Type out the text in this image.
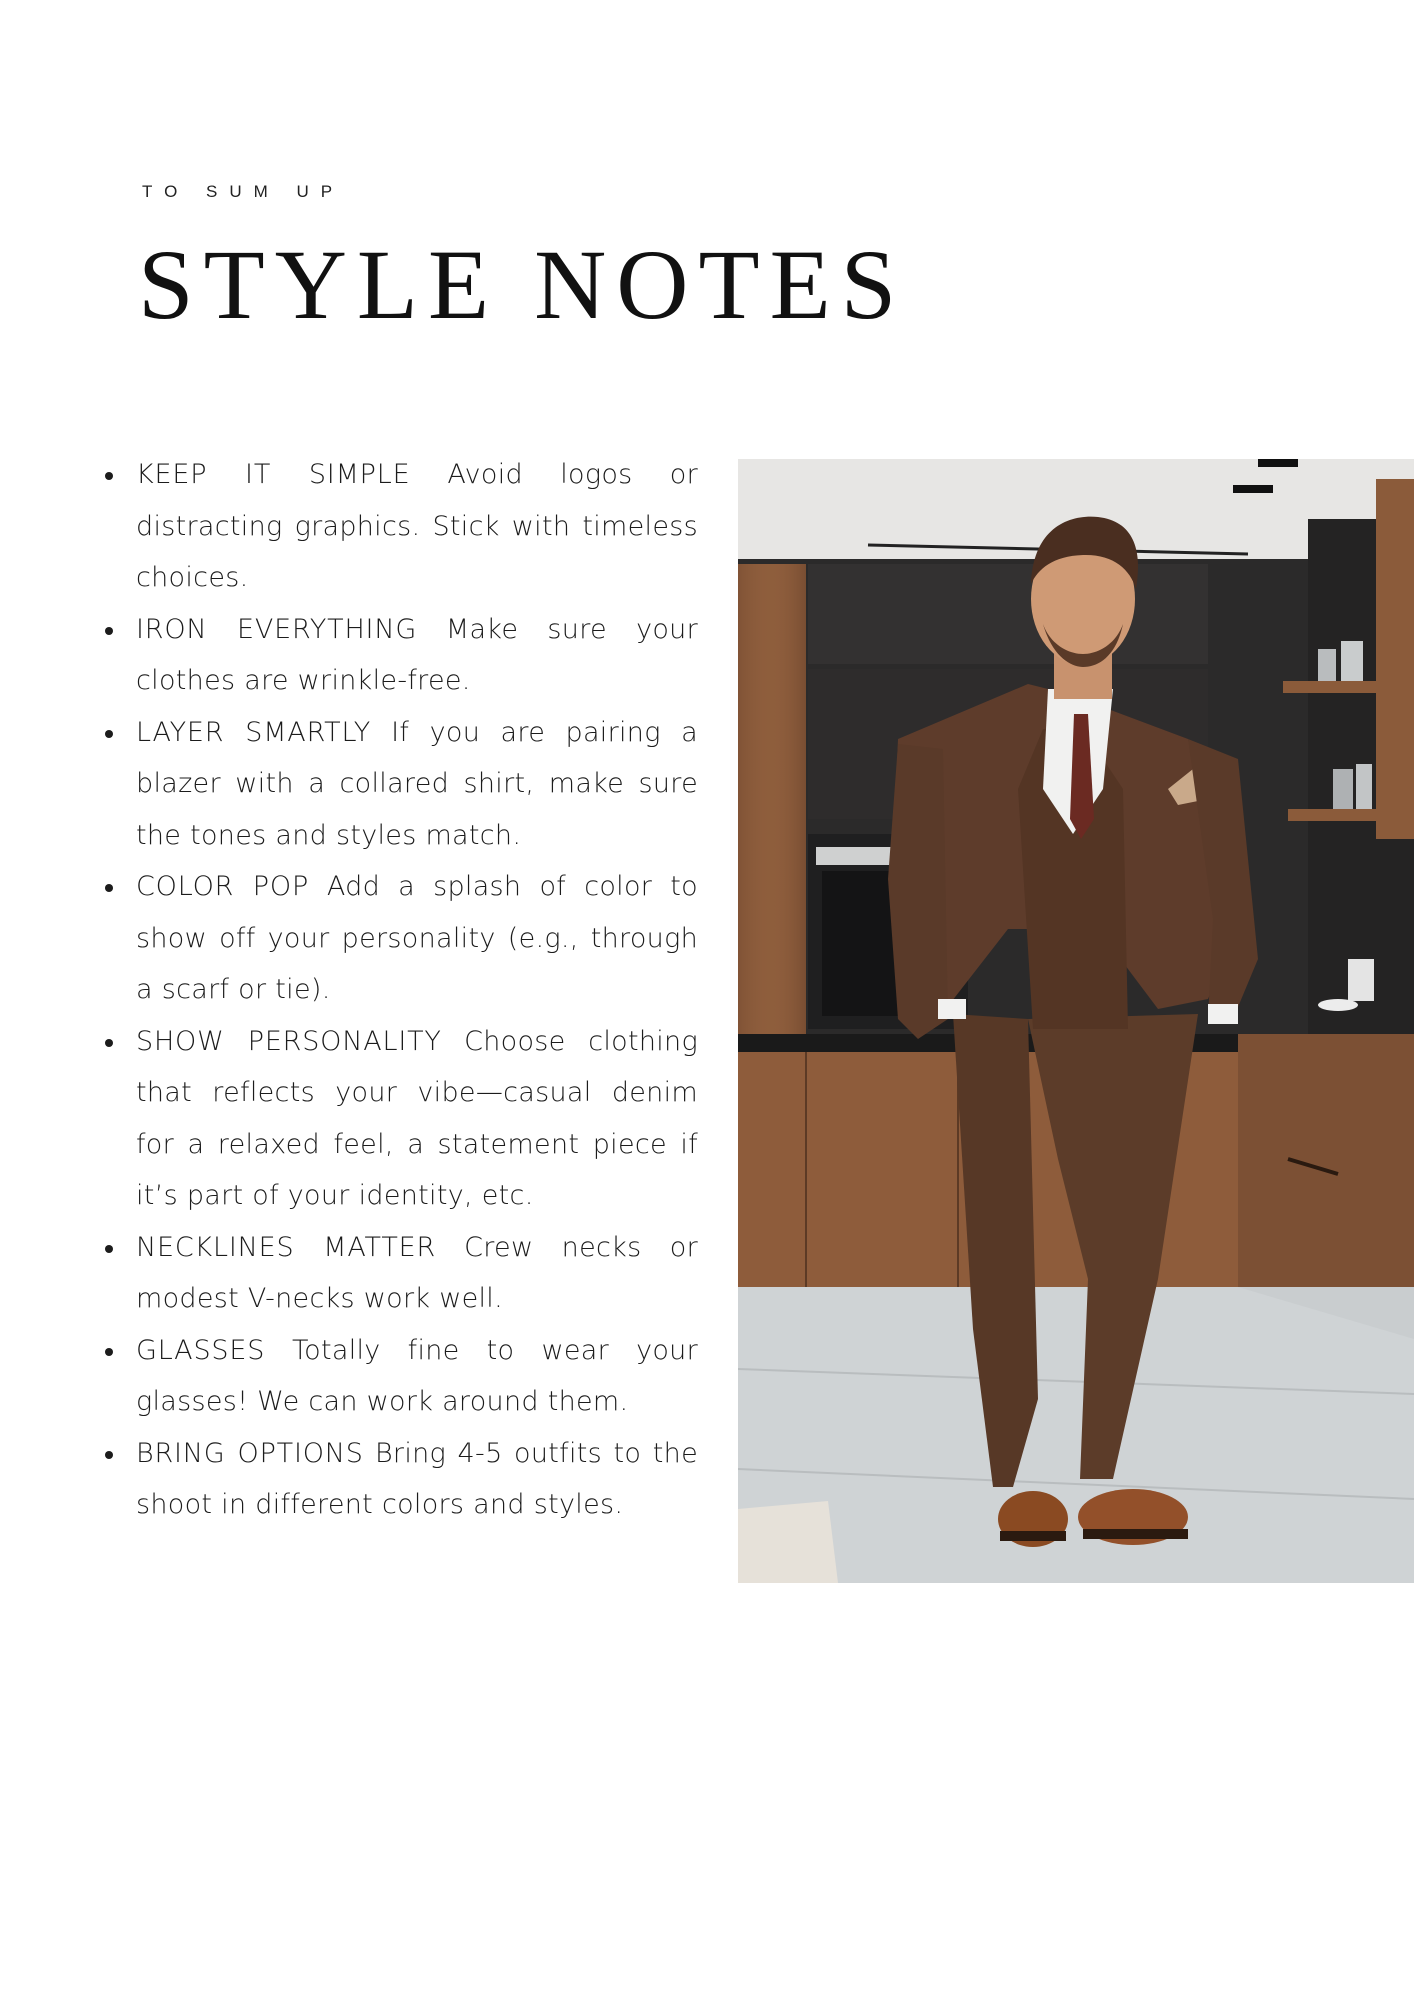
TO SUM UP
STYLE NOTES
KEEP IT SIMPLE Avoid logos or distracting graphics. Stick with timeless choices.
IRON EVERYTHING Make sure your clothes are wrinkle-free.
LAYER SMARTLY If you are pairing a blazer with a collared shirt, make sure the tones and styles match.
COLOR POP Add a splash of color to show off your personality (e.g., through a scarf or tie).
SHOW PERSONALITY Choose clothing that reflects your vibe—casual denim for a relaxed feel, a statement piece if it’s part of your identity, etc.
NECKLINES MATTER Crew necks or modest V-necks work well.
GLASSES Totally fine to wear your glasses! We can work around them.
BRING OPTIONS Bring 4-5 outfits to the shoot in different colors and styles.
